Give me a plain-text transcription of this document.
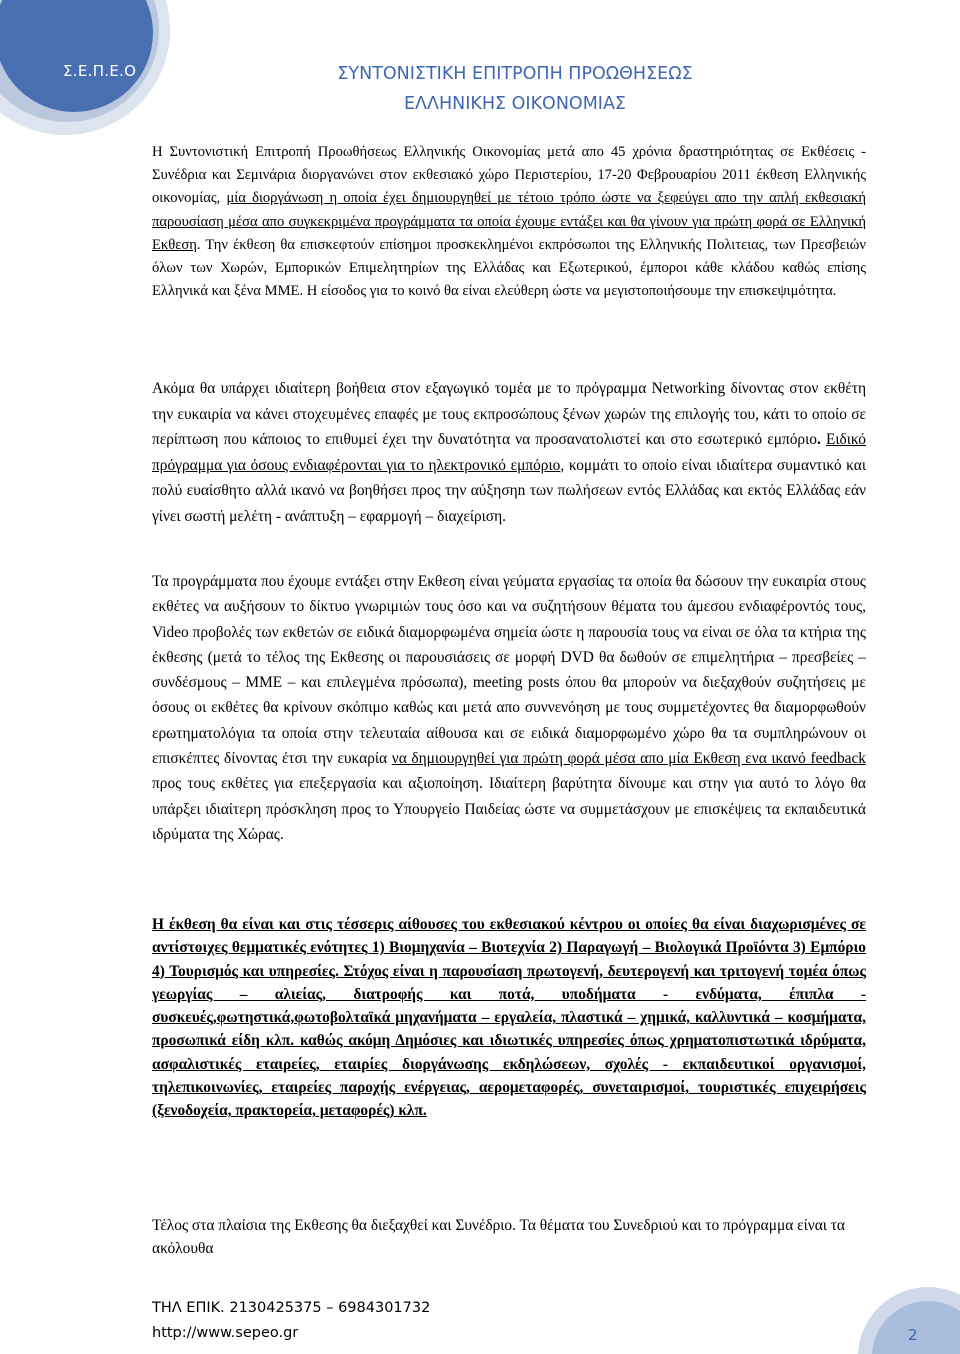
Σ.Ε.Π.Ε.Ο	ΣΥΝΤΟΝΙΣΤΙΚΗ ΕΠΙΤΡΟΠΗ ΠΡΟΩΘΗΣΕΩΣ
ΕΛΛΗΝΙΚΗΣ ΟΙΚΟΝΟΜΙΑΣ

Η Συντονιστική Επιτροπή Προωθήσεως Ελληνικής Οικονομίας μετά απο 45 χρόνια δραστηριότητας σε Εκθέσεις - Συνέδρια και Σεμινάρια διοργανώνει στον εκθεσιακό χώρο Περιστερίου, 17-20 Φεβρουαρίου 2011 έκθεση Ελληνικής οικονομίας, μία διοργάνωση η οποία έχει δημιουργηθεί με τέτοιο τρόπο ώστε να ξεφεύγει απο την απλή εκθεσιακή παρουσίαση μέσα απο συγκεκριμένα προγράμματα τα οποία έχουμε εντάξει και θα γίνουν για πρώτη φορά σε Ελληνική Εκθεση. Την έκθεση θα επισκεφτούν επίσημοι προσκεκλημένοι εκπρόσωποι της Ελληνικής Πολιτειας, των Πρεσβειών όλων των Χωρών, Εμπορικών Επιμελητηρίων της Ελλάδας και Εξωτερικού, έμποροι κάθε κλάδου καθώς επίσης Ελληνικά και ξένα ΜΜΕ. Η είσοδος για το κοινό θα είναι ελεύθερη ώστε να μεγιστοποιήσουμε την επισκεψιμότητα.

Ακόμα θα υπάρχει ιδιαίτερη βοήθεια στον εξαγωγικό τομέα με το πρόγραμμα Networking δίνοντας στον εκθέτη την ευκαιρία να κάνει στοχευμένες επαφές με τους εκπροσώπους ξένων χωρών της επιλογής του, κάτι το οποίο σε περίπτωση που κάποιος το επιθυμεί έχει την δυνατότητα να προσανατολιστεί και στο εσωτερικό εμπόριο. Ειδικό πρόγραμμα για όσους ενδιαφέρονται για το ηλεκτρονικό εμπόριο, κομμάτι το οποίο είναι ιδιαίτερα συμαντικό και πολύ ευαίσθητο αλλά ικανό να βοηθήσει προς την αύξησηn των πωλήσεων εντός Ελλάδας και εκτός Ελλάδας εάν γίνει σωστή μελέτη - ανάπτυξη – εφαρμογή – διαχείριση.

Τα προγράμματα που έχουμε εντάξει στην Εκθεση είναι γεύματα εργασίας τα οποία θα δώσουν την ευκαιρία στους εκθέτες να αυξήσουν το δίκτυο γνωριμιών τους όσο και να συζητήσουν θέματα του άμεσου ενδιαφέροντός τους, Video προβολές των εκθετών σε ειδικά διαμορφωμένα σημεία ώστε η παρουσία τους να είναι σε όλα τα κτήρια της έκθεσης (μετά το τέλος της Εκθεσης οι παρουσιάσεις σε μορφή DVD θα δωθούν σε επιμελητήρια – πρεσβείες – συνδέσμους – ΜΜΕ – και επιλεγμένα πρόσωπα), meeting posts όπου θα μπορούν να διεξαχθούν συζητήσεις με όσους οι εκθέτες θα κρίνουν σκόπιμο καθώς και μετά απο συννενόηση με τους συμμετέχοντες θα διαμορφωθούν ερωτηματολόγια τα οποία στην τελευταία αίθουσα και σε ειδικά διαμορφωμένο χώρο θα τα συμπληρώνουν οι επισκέπτες δίνοντας έτσι την ευκαρία να δημιουργηθεί για πρώτη φορά μέσα απο μία Εκθεση ενα ικανό feedback προς τους εκθέτες για επεξεργασία και αξιοποίηση. Ιδιαίτερη βαρύτητα δίνουμε και στην για αυτό το λόγο θα υπάρξει ιδιαίτερη πρόσκληση προς το Υπουργείο Παιδείας ώστε να συμμετάσχουν με επισκέψεις τα εκπαιδευτικά ιδρύματα της Χώρας.

Η έκθεση θα είναι και στις τέσσερις αίθουσες του εκθεσιακού κέντρου οι οποίες θα είναι διαχωρισμένες σε αντίστοιχες θεμματικές ενότητες 1) Βιομηχανία – Βιοτεχνία 2) Παραγωγή – Βιολογικά Προϊόντα 3) Εμπόριο 4) Τουρισμός και υπηρεσίες. Στόχος είναι η παρουσίαση πρωτογενή, δευτερογενή και τριτογενή τομέα όπως γεωργίας – αλιείας, διατροφής και ποτά, υποδήματα - ενδύματα, έπιπλα - συσκευές,φωτηστικά,φωτοβολταϊκά μηχανήματα – εργαλεία, πλαστικά – χημικά, καλλυντικά – κοσμήματα, προσωπικά είδη κλπ. καθώς ακόμη Δημόσιες και ιδιωτικές υπηρεσίες όπως χρηματοπιστωτικά ιδρύματα, ασφαλιστικές εταιρείες, εταιρίες διοργάνωσης εκδηλώσεων, σχολές - εκπαιδευτικοί οργανισμοί, τηλεπικοινωνίες, εταιρείες παροχής ενέργειας, αερομεταφορές, συνεταιρισμοί, τουριστικές επιχειρήσεις (ξενοδοχεία, πρακτορεία, μεταφορές) κλπ.

Τέλος στα πλαίσια της Εκθεσης θα διεξαχθεί και Συνέδριο. Τα θέματα του Συνεδριού και το πρόγραμμα είναι τα ακόλουθα

ΤΗΛ ΕΠΙΚ. 2130425375 – 6984301732
http://www.sepeo.gr	2
